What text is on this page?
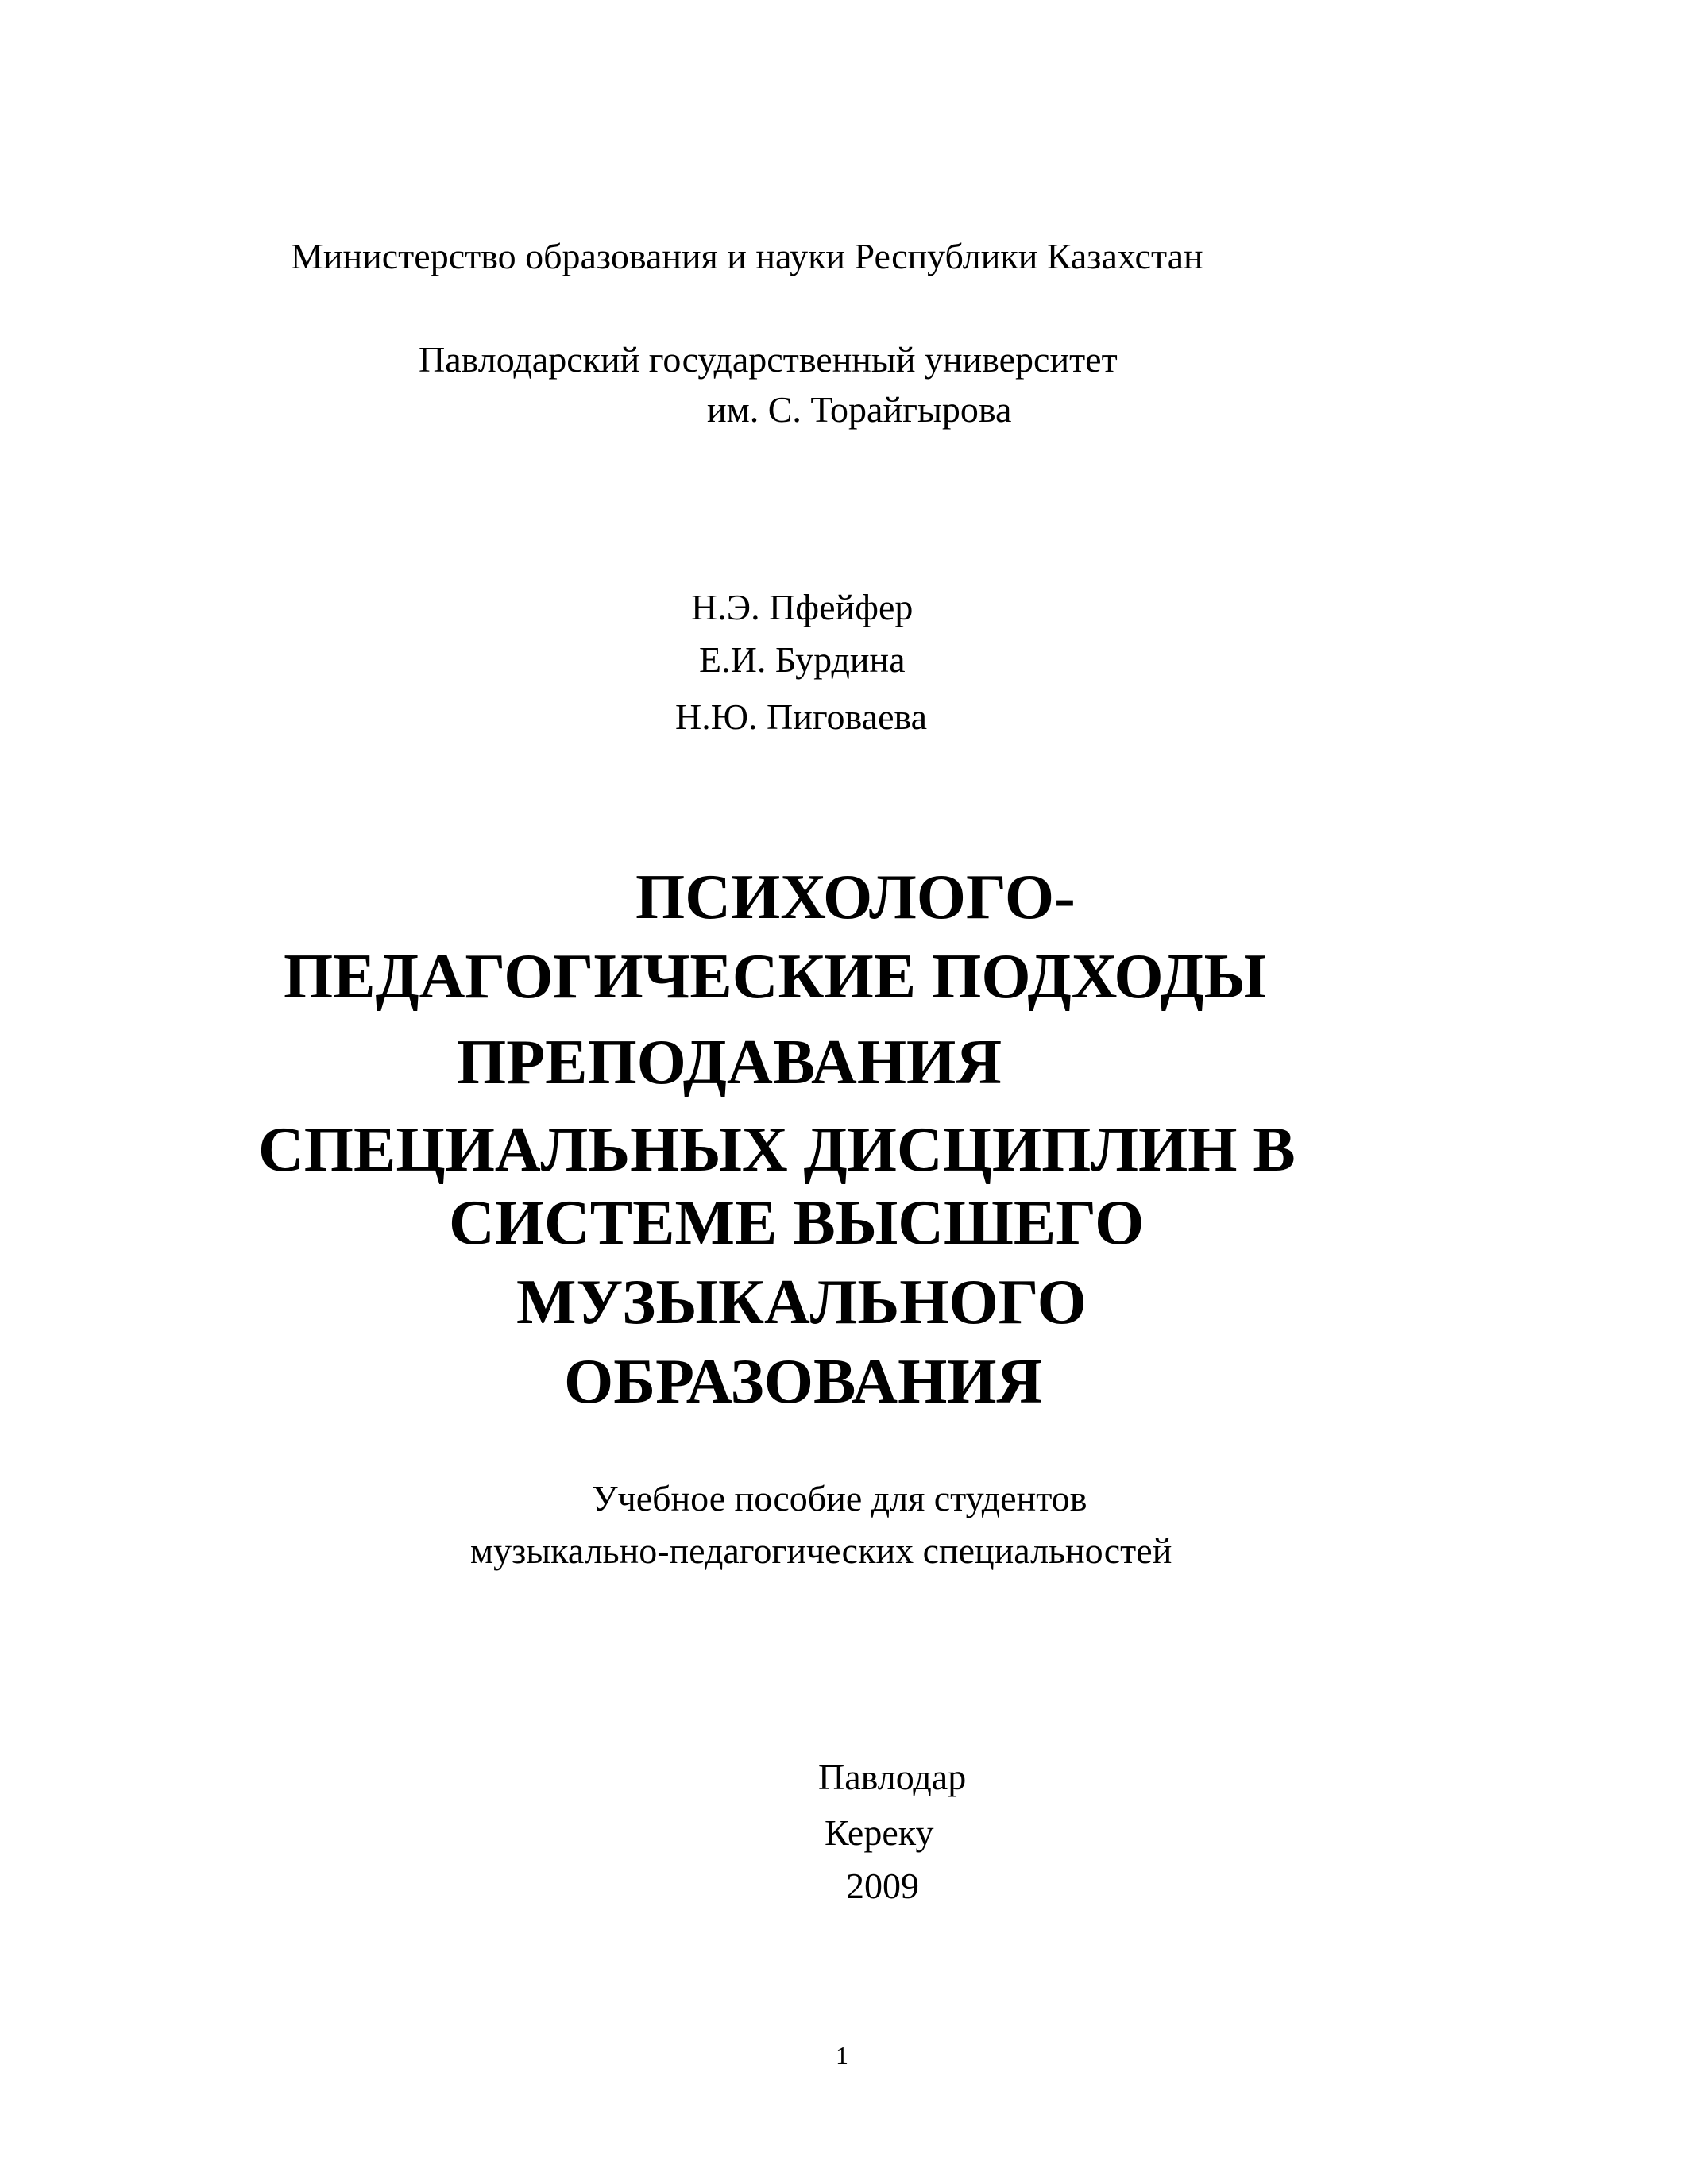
Министерство образования и науки Республики Казахстан
Павлодарский государственный университет
им. С. Торайгырова
Н.Э. Пфейфер
Е.И. Бурдина
Н.Ю. Пиговаева
ПСИХОЛОГО-
ПЕДАГОГИЧЕСКИЕ ПОДХОДЫ
ПРЕПОДАВАНИЯ
СПЕЦИАЛЬНЫХ ДИСЦИПЛИН В
СИСТЕМЕ ВЫСШЕГО
МУЗЫКАЛЬНОГО
ОБРАЗОВАНИЯ
Учебное пособие для студентов
музыкально-педагогических специальностей
Павлодар
Кереку
2009
1
